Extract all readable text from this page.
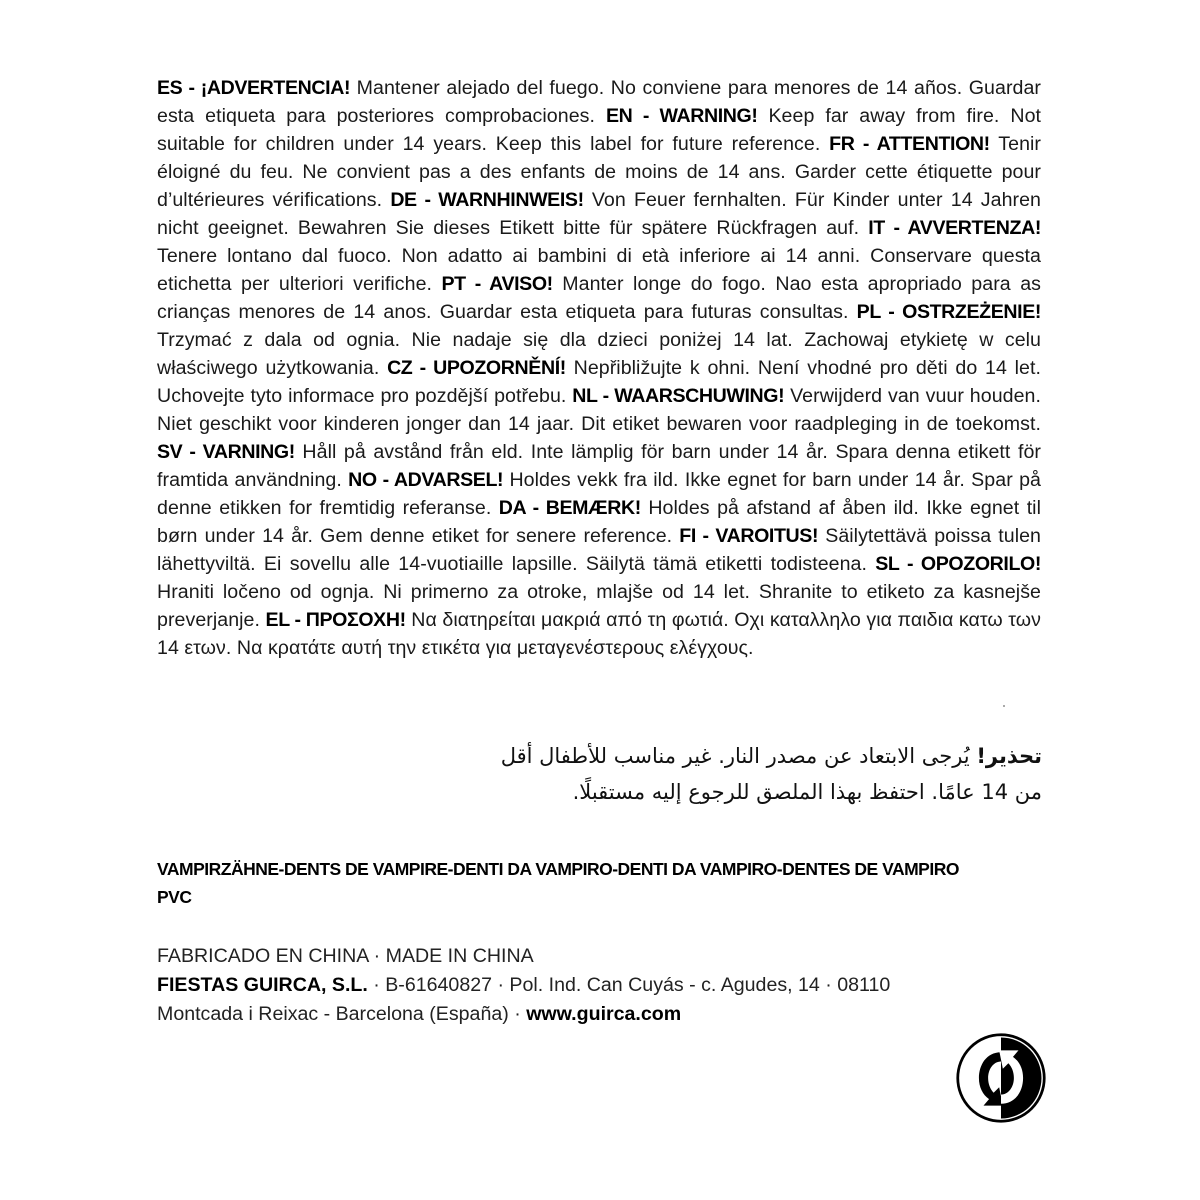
ES - ¡ADVERTENCIA! Mantener alejado del fuego. No conviene para menores de 14 años. Guardar esta etiqueta para posteriores comprobaciones. EN - WARNING! Keep far away from fire. Not suitable for children under 14 years. Keep this label for future reference. FR - ATTENTION! Tenir éloigné du feu. Ne convient pas a des enfants de moins de 14 ans. Garder cette étiquette pour d’ultérieures vérifications. DE - WARNHINWEIS! Von Feuer fernhalten. Für Kinder unter 14 Jahren nicht geeignet. Bewahren Sie dieses Etikett bitte für spätere Rückfragen auf. IT - AVVERTENZA! Tenere lontano dal fuoco. Non adatto ai bambini di età inferiore ai 14 anni. Conservare questa etichetta per ulteriori verifiche. PT - AVISO! Manter longe do fogo. Nao esta apropriado para as crianças menores de 14 anos. Guardar esta etiqueta para futuras consultas. PL - OSTRZEŻENIE! Trzymać z dala od ognia. Nie nadaje się dla dzieci poniżej 14 lat. Zachowaj etykietę w celu właściwego użytkowania. CZ - UPOZORNĚNÍ! Nepřibližujte k ohni. Není vhodné pro děti do 14 let. Uchovejte tyto informace pro pozdější potřebu. NL - WAARSCHUWING! Verwijderd van vuur houden. Niet geschikt voor kinderen jonger dan 14 jaar. Dit etiket bewaren voor raadpleging in de toekomst. SV - VARNING! Håll på avstånd från eld. Inte lämplig för barn under 14 år. Spara denna etikett för framtida användning. NO - ADVARSEL! Holdes vekk fra ild. Ikke egnet for barn under 14 år. Spar på denne etikken for fremtidig referanse. DA - BEMÆRK! Holdes på afstand af åben ild. Ikke egnet til børn under 14 år. Gem denne etiket for senere reference. FI - VAROITUS! Säilytettävä poissa tulen lähettyviltä. Ei sovellu alle 14-vuotiaille lapsille. Säilytä tämä etiketti todisteena. SL - OPOZORILO! Hraniti ločeno od ognja. Ni primerno za otroke, mlajše od 14 let. Shranite to etiketo za kasnejše preverjanje. EL - ΠΡΟΣΟΧΗ! Να διατηρείται μακριά από τη φωτιά. Οχι καταλληλο για παιδια κατω των 14 ετων. Να κρατάτε αυτή την ετικέτα για μεταγενέστερους ελέγχους.
تحذير! يُرجى الابتعاد عن مصدر النار. غير مناسب للأطفال أقل
من 14 عامًا. احتفظ بهذا الملصق للرجوع إليه مستقبلًا.
VAMPIRZÄHNE-DENTS DE VAMPIRE-DENTI DA VAMPIRO-DENTI DA VAMPIRO-DENTES DE VAMPIRO
PVC
FABRICADO EN CHINA · MADE IN CHINA
FIESTAS GUIRCA, S.L. · B-61640827 · Pol. Ind. Can Cuyás - c. Agudes, 14 · 08110
Montcada i Reixac - Barcelona (España) · www.guirca.com
